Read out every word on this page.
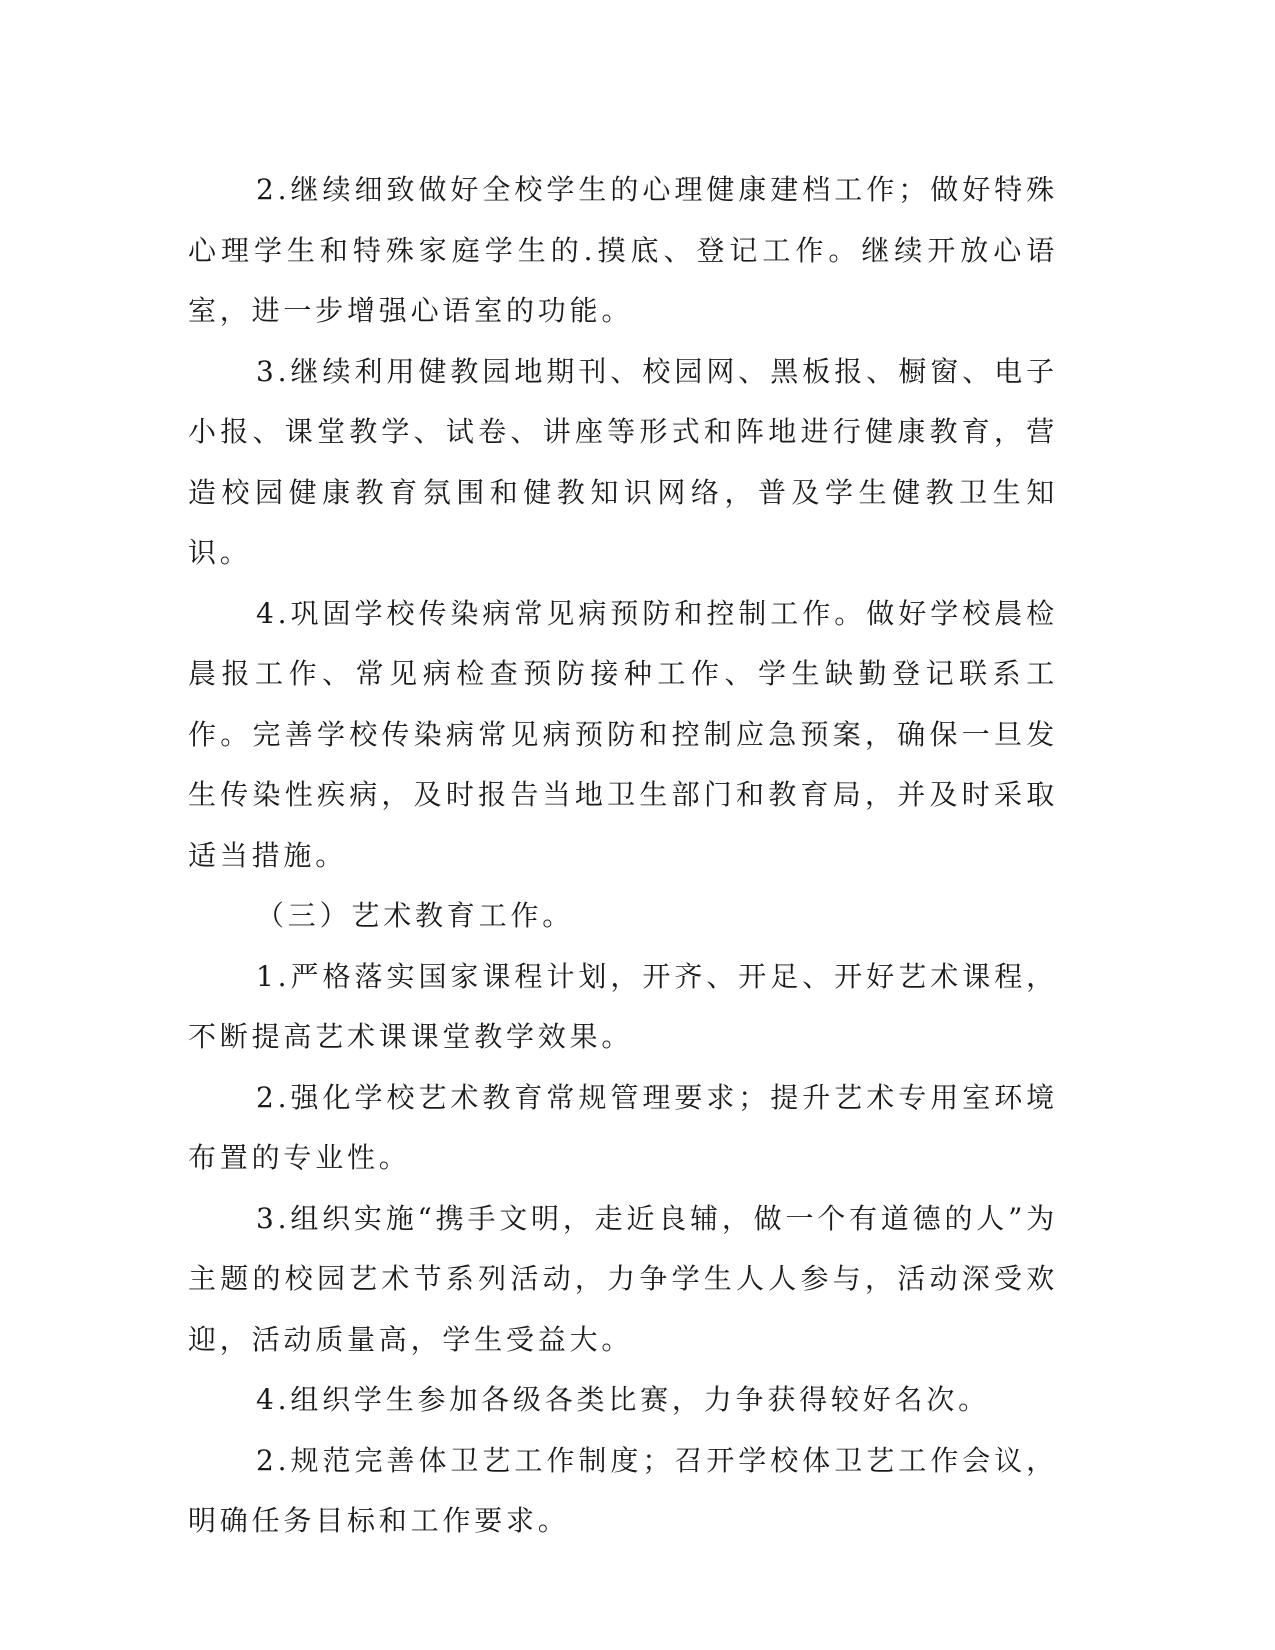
2.继续细致做好全校学生的心理健康建档工作；做好特殊心理学生和特殊家庭学生的.摸底、登记工作。继续开放心语室，进一步增强心语室的功能。

3.继续利用健教园地期刊、校园网、黑板报、橱窗、电子小报、课堂教学、试卷、讲座等形式和阵地进行健康教育，营造校园健康教育氛围和健教知识网络，普及学生健教卫生知识。

4.巩固学校传染病常见病预防和控制工作。做好学校晨检晨报工作、常见病检查预防接种工作、学生缺勤登记联系工作。完善学校传染病常见病预防和控制应急预案，确保一旦发生传染性疾病，及时报告当地卫生部门和教育局，并及时采取适当措施。

（三）艺术教育工作。

1.严格落实国家课程计划，开齐、开足、开好艺术课程，不断提高艺术课课堂教学效果。

2.强化学校艺术教育常规管理要求；提升艺术专用室环境布置的专业性。

3.组织实施“携手文明，走近良辅，做一个有道德的人”为主题的校园艺术节系列活动，力争学生人人参与，活动深受欢迎，活动质量高，学生受益大。

4.组织学生参加各级各类比赛，力争获得较好名次。

2.规范完善体卫艺工作制度；召开学校体卫艺工作会议，明确任务目标和工作要求。
